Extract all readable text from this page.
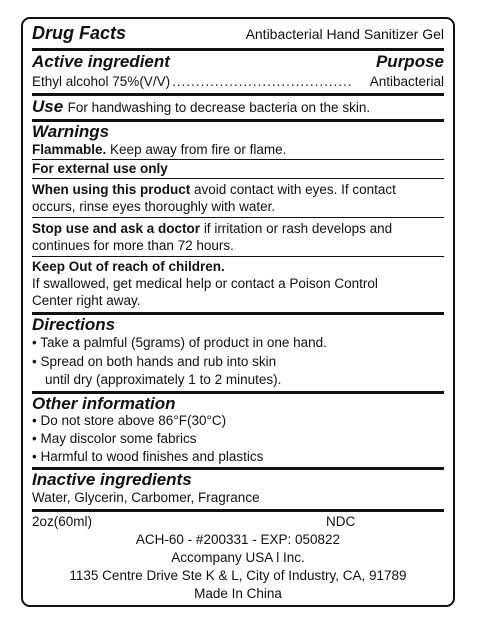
Drug Facts	Antibacterial Hand Sanitizer Gel
Active ingredient	Purpose
Ethyl alcohol 75%(V/V) ......................................	Antibacterial
Use For handwashing to decrease bacteria on the skin.
Warnings
Flammable. Keep away from fire or flame.
For external use only
When using this product avoid contact with eyes. If contact
occurs, rinse eyes thoroughly with water.
Stop use and ask a doctor if irritation or rash develops and
continues for more than 72 hours.
Keep Out of reach of children.
If swallowed, get medical help or contact a Poison Control
Center right away.
Directions
• Take a palmful (5grams) of product in one hand.
• Spread on both hands and rub into skin
until dry (approximately 1 to 2 minutes).
Other information
• Do not store above 86°F(30°C)
• May discolor some fabrics
• Harmful to wood finishes and plastics
Inactive ingredients
Water, Glycerin, Carbomer, Fragrance
2oz(60ml)	NDC
ACH-60 - #200331 - EXP: 050822
Accompany USA l Inc.
1135 Centre Drive Ste K & L, City of Industry, CA, 91789
Made In China
